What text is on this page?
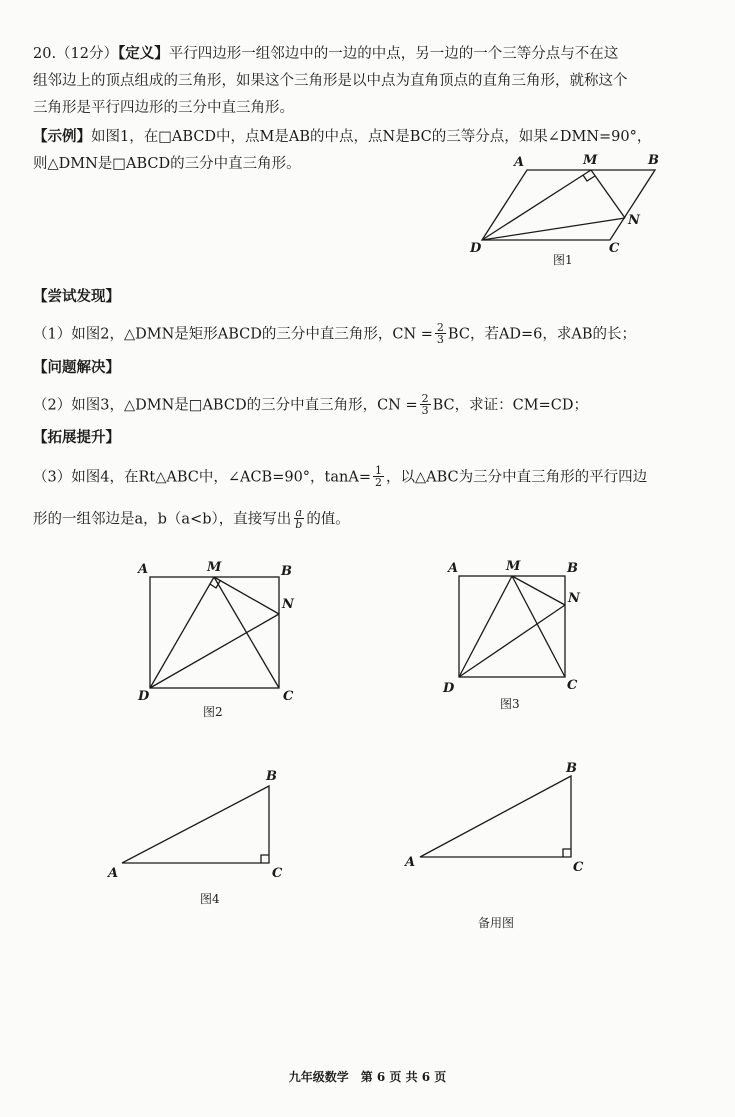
20.（12分）【定义】平行四边形一组邻边中的一边的中点，另一边的一个三等分点与不在这
组邻边上的顶点组成的三角形，如果这个三角形是以中点为直角顶点的直角三角形，就称这个
三角形是平行四边形的三分中直三角形。
【示例】如图1，在□ABCD中，点M是AB的中点，点N是BC的三等分点，如果∠DMN=90°，
则△DMN是□ABCD的三分中直三角形。
【尝试发现】
（1）如图2，△DMN是矩形ABCD的三分中直三角形，CN = $\frac{2}{3}$ BC，若AD=6，求AB的长；
【问题解决】
（2）如图3，△DMN是□ABCD的三分中直三角形，CN = $\frac{2}{3}$ BC，求证：CM=CD；
【拓展提升】
（3）如图4，在Rt△ABC中，∠ACB=90°，$\tan A= \frac{1}{2}$ ，以△ABC为三分中直三角形的平行四边
形的一组邻边是a，b（a<b），直接写出 $\frac{a}{b}$ 的值。
A	M	B
N
D	C
图1
A	M	B
N
D	C
图2
A	M	B
N
D	C
图3
A
B
C
图4
A
B
C
备用图
九年级数学　第 6 页 共 6 页
